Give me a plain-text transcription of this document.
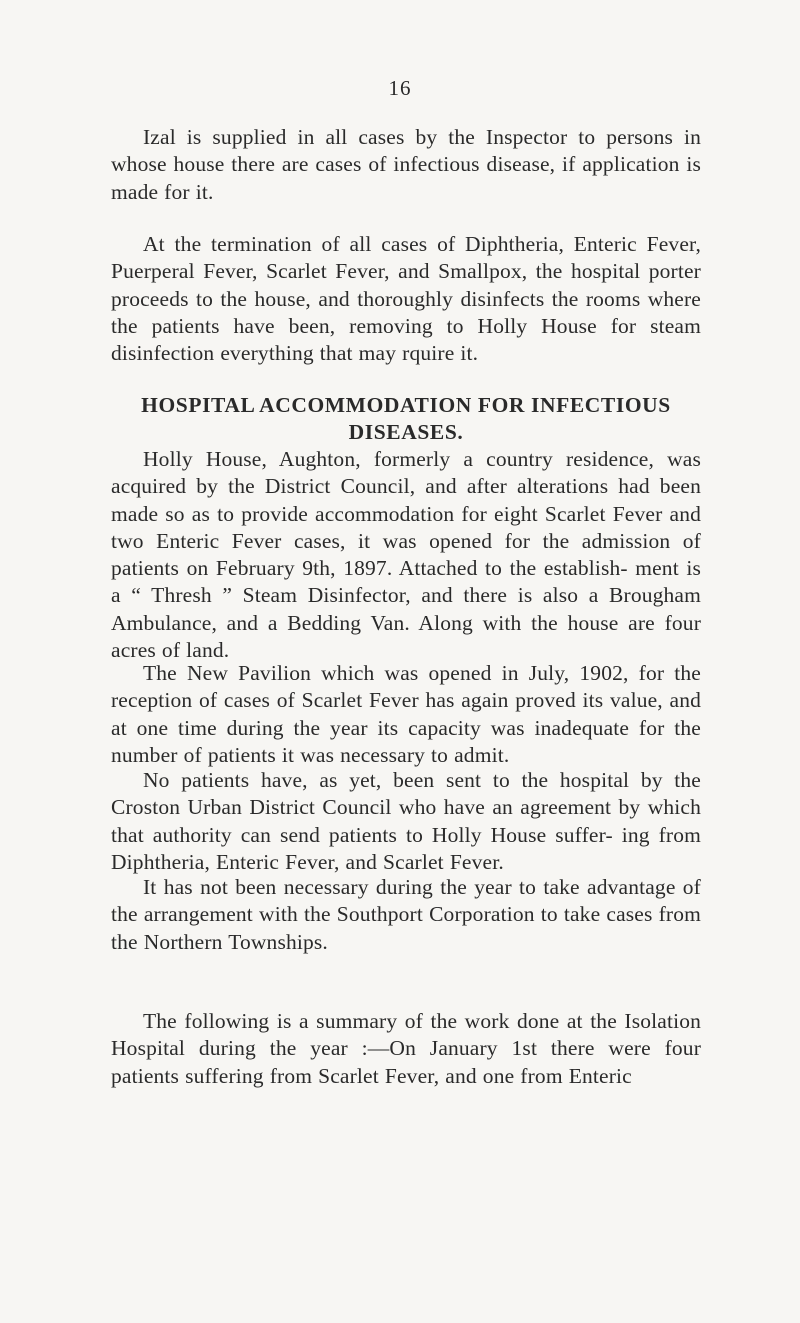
16

Izal is supplied in all cases by the Inspector to persons in whose house there are cases of infectious disease, if application is made for it.

At the termination of all cases of Diphtheria, Enteric Fever, Puerperal Fever, Scarlet Fever, and Smallpox, the hospital porter proceeds to the house, and thoroughly disinfects the rooms where the patients have been, removing to Holly House for steam disinfection everything that may rquire it.

HOSPITAL ACCOMMODATION FOR INFECTIOUS DISEASES.

Holly House, Aughton, formerly a country residence, was acquired by the District Council, and after alterations had been made so as to provide accommodation for eight Scarlet Fever and two Enteric Fever cases, it was opened for the admission of patients on February 9th, 1897. Attached to the establish- ment is a “ Thresh ” Steam Disinfector, and there is also a Brougham Ambulance, and a Bedding Van. Along with the house are four acres of land.

The New Pavilion which was opened in July, 1902, for the reception of cases of Scarlet Fever has again proved its value, and at one time during the year its capacity was inadequate for the number of patients it was necessary to admit.

No patients have, as yet, been sent to the hospital by the Croston Urban District Council who have an agreement by which that authority can send patients to Holly House suffer- ing from Diphtheria, Enteric Fever, and Scarlet Fever.

It has not been necessary during the year to take advantage of the arrangement with the Southport Corporation to take cases from the Northern Townships.

The following is a summary of the work done at the Isolation Hospital during the year :—On January 1st there were four patients suffering from Scarlet Fever, and one from Enteric
